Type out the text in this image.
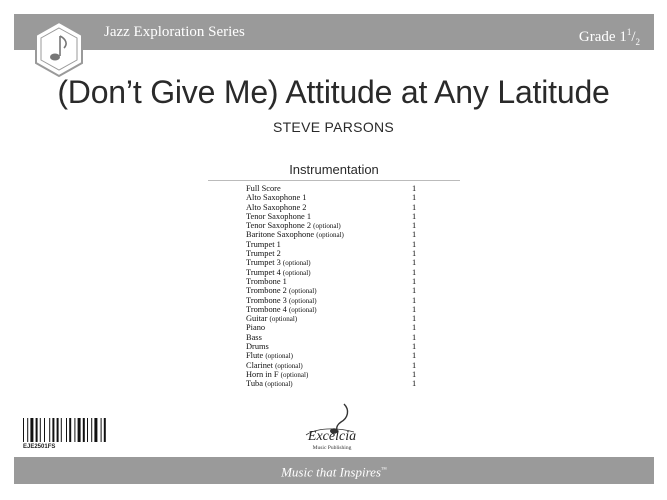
Jazz Exploration Series	Grade $1^1/_2$
(Don’t Give Me) Attitude at Any Latitude
STEVE PARSONS
Instrumentation
Full Score	1
Alto Saxophone 1	1
Alto Saxophone 2	1
Tenor Saxophone 1	1
Tenor Saxophone 2 (optional)	1
Baritone Saxophone (optional)	1
Trumpet 1	1
Trumpet 2	1
Trumpet 3 (optional)	1
Trumpet 4 (optional)	1
Trombone 1	1
Trombone 2 (optional)	1
Trombone 3 (optional)	1
Trombone 4 (optional)	1
Guitar (optional)	1
Piano	1
Bass	1
Drums	1
Flute (optional)	1
Clarinet (optional)	1
Horn in F (optional)	1
Tuba (optional)	1
EJE2501FS
Excelcia
Music Publishing
Music that Inspires™
